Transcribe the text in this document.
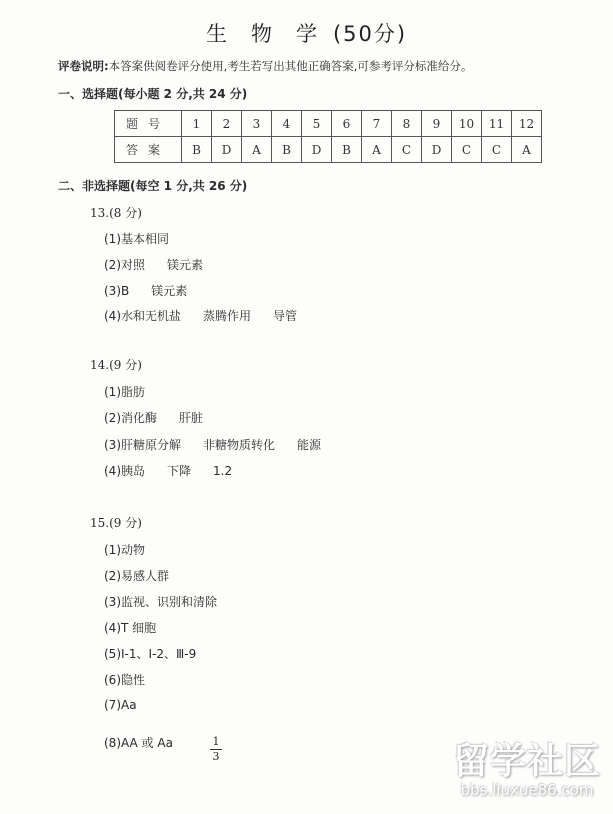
生 物 学 (50分)
评卷说明:本答案供阅卷评分使用,考生若写出其他正确答案,可参考评分标准给分。
一、选择题(每小题 2 分,共 24 分)
题号	1	2	3	4	5	6	7	8	9	10	11	12
答案	B	D	A	B	D	B	A	C	D	C	C	A
二、非选择题(每空 1 分,共 26 分)
13.(8 分)
(1)基本相同
(2)对照 镁元素
(3)B 镁元素
(4)水和无机盐 蒸腾作用 导管
14.(9 分)
(1)脂肪
(2)消化酶 肝脏
(3)肝糖原分解 非糖物质转化 能源
(4)胰岛 下降 1.2
15.(9 分)
(1)动物
(2)易感人群
(3)监视、识别和清除
(4)T 细胞
(5)Ⅰ-1、Ⅰ-2、Ⅲ-9
(6)隐性
(7)Aa
(8)AA 或 Aa	1
3	留学社区
bbs.liuxue86.com
